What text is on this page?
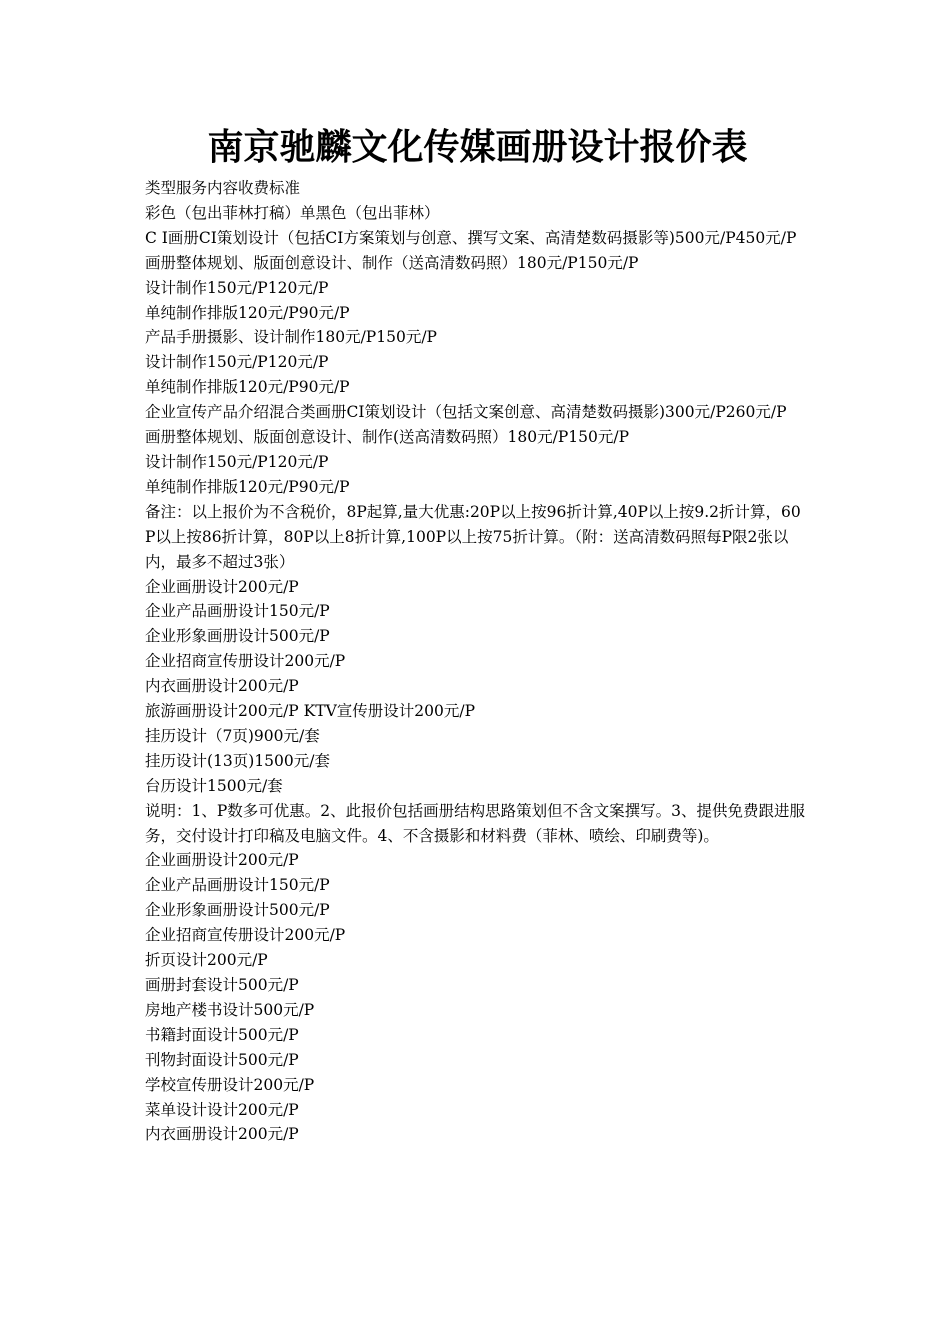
南京驰麟文化传媒画册设计报价表

类型服务内容收费标准

彩色（包出菲林打稿）单黑色（包出菲林）

C I画册CI策划设计（包括CI方案策划与创意、撰写文案、高清楚数码摄影等)500元/P450元/P

画册整体规划、版面创意设计、制作（送高清数码照）180元/P150元/P

设计制作150元/P120元/P

单纯制作排版120元/P90元/P

产品手册摄影、设计制作180元/P150元/P

设计制作150元/P120元/P

单纯制作排版120元/P90元/P

企业宣传产品介绍混合类画册CI策划设计（包括文案创意、高清楚数码摄影)300元/P260元/P

画册整体规划、版面创意设计、制作(送高清数码照）180元/P150元/P

设计制作150元/P120元/P

单纯制作排版120元/P90元/P

备注：以上报价为不含税价，8P起算,量大优惠:20P以上按96折计算,40P以上按9.2折计算，60P以上按86折计算，80P以上8折计算,100P以上按75折计算。（附：送高清数码照每P限2张以内，最多不超过3张）

企业画册设计200元/P

企业产品画册设计150元/P

企业形象画册设计500元/P

企业招商宣传册设计200元/P

内衣画册设计200元/P

旅游画册设计200元/P KTV宣传册设计200元/P

挂历设计（7页)900元/套

挂历设计(13页)1500元/套

台历设计1500元/套

说明：1、P数多可优惠。2、此报价包括画册结构思路策划但不含文案撰写。3、提供免费跟进服务，交付设计打印稿及电脑文件。4、不含摄影和材料费（菲林、喷绘、印刷费等)。

企业画册设计200元/P

企业产品画册设计150元/P

企业形象画册设计500元/P

企业招商宣传册设计200元/P

折页设计200元/P

画册封套设计500元/P

房地产楼书设计500元/P

书籍封面设计500元/P

刊物封面设计500元/P

学校宣传册设计200元/P

菜单设计设计200元/P

内衣画册设计200元/P
